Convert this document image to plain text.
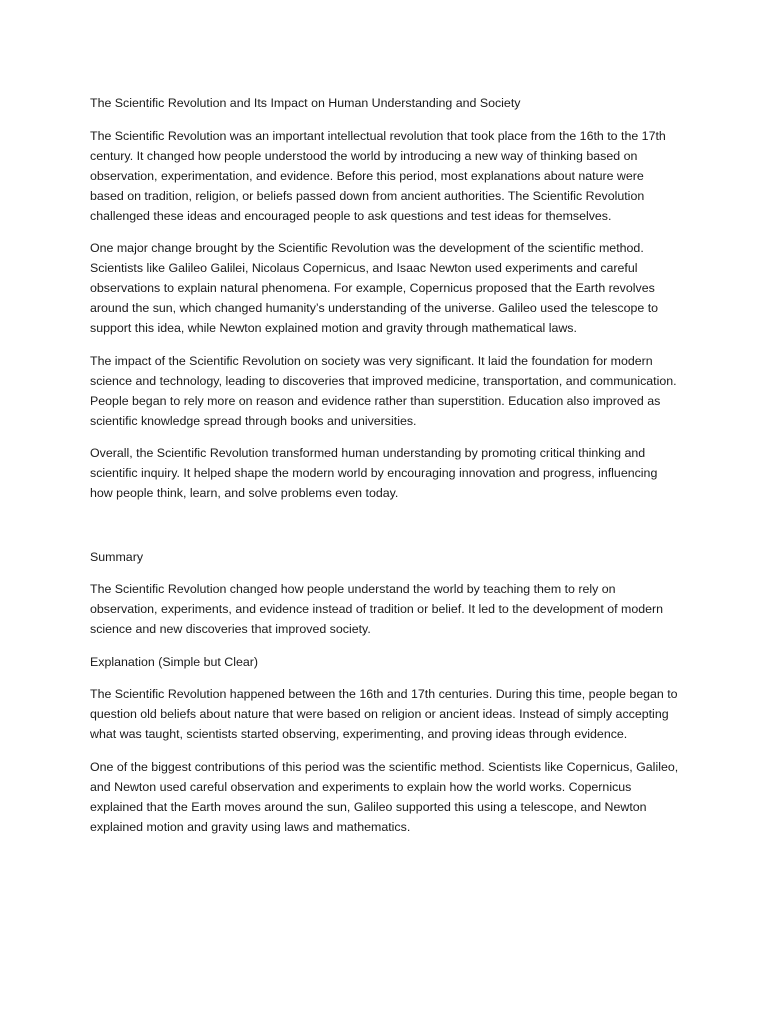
The Scientific Revolution and Its Impact on Human Understanding and Society

The Scientific Revolution was an important intellectual revolution that took place from the 16th to the 17th century. It changed how people understood the world by introducing a new way of thinking based on observation, experimentation, and evidence. Before this period, most explanations about nature were based on tradition, religion, or beliefs passed down from ancient authorities. The Scientific Revolution challenged these ideas and encouraged people to ask questions and test ideas for themselves.

One major change brought by the Scientific Revolution was the development of the scientific method. Scientists like Galileo Galilei, Nicolaus Copernicus, and Isaac Newton used experiments and careful observations to explain natural phenomena. For example, Copernicus proposed that the Earth revolves around the sun, which changed humanity’s understanding of the universe. Galileo used the telescope to support this idea, while Newton explained motion and gravity through mathematical laws.

The impact of the Scientific Revolution on society was very significant. It laid the foundation for modern science and technology, leading to discoveries that improved medicine, transportation, and communication. People began to rely more on reason and evidence rather than superstition. Education also improved as scientific knowledge spread through books and universities.

Overall, the Scientific Revolution transformed human understanding by promoting critical thinking and scientific inquiry. It helped shape the modern world by encouraging innovation and progress, influencing how people think, learn, and solve problems even today.

Summary

The Scientific Revolution changed how people understand the world by teaching them to rely on observation, experiments, and evidence instead of tradition or belief. It led to the development of modern science and new discoveries that improved society.

Explanation (Simple but Clear)

The Scientific Revolution happened between the 16th and 17th centuries. During this time, people began to question old beliefs about nature that were based on religion or ancient ideas. Instead of simply accepting what was taught, scientists started observing, experimenting, and proving ideas through evidence.

One of the biggest contributions of this period was the scientific method. Scientists like Copernicus, Galileo, and Newton used careful observation and experiments to explain how the world works. Copernicus explained that the Earth moves around the sun, Galileo supported this using a telescope, and Newton explained motion and gravity using laws and mathematics.
